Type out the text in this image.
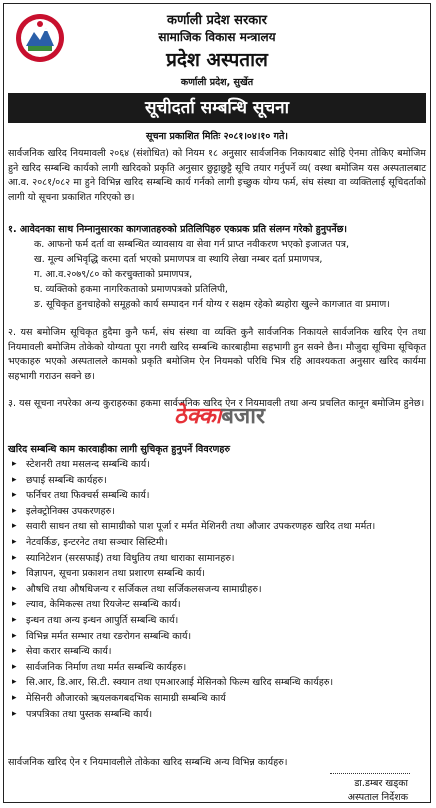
कर्णाली प्रदेश सरकार
सामाजिक विकास मन्त्रालय
प्रदेश अस्पताल
कर्णाली प्रदेश, सुर्खेत
सूचीदर्ता सम्बन्धि सूचना
सूचना प्रकाशित मितिः २०८१।०४।१० गते।
सार्वजनिक खरिद नियमावली २०६४ (संशोधित) को नियम १८ अनुसार सार्वजनिक निकायबाट सोहि ऐनमा तोकिए बमोजिम हुने खरिद सम्बन्धि कार्यको लागी खरिदको प्रकृति अनुसार छुट्टाछुट्टै सूचि तयार गर्नुपर्ने व्य( वस्था बमोजिम यस अस्पतालबाट आ.व. २०८१/०८२ मा हुने विभिन्न खरिद सम्बन्धि कार्य गर्नको लागी इच्छुक योग्य फर्म, संघ संस्था वा व्यक्तिलाई सूचिदर्ताको लागी यो सूचना प्रकाशित गरिएको छ।
१. आवेदनका साथ निम्नानुसारका कागजातहरुको प्रतिलिपिहरु एकप्रक प्रति संलग्न गरेको हुनुपर्नेछ।
क. आफनो फर्म दर्ता वा सम्बन्धित व्यावसाय वा सेवा गर्न प्राप्त नवीकरण भएको इजाजत पत्र,
ख. मूल्य अभिवृद्धि करमा दर्ता भएको प्रमाणपत्र वा स्थायि लेखा नम्बर दर्ता प्रमाणपत्र,
ग. आ.व.२०७९/८० को करचुक्ताको प्रमाणपत्र,
घ. व्यक्तिको हकमा नागरिकताको प्रमाणपत्रको प्रतिलिपी,
ङ. सूचिकृत हुनचाहेको समूहको कार्य सम्पादन गर्न योग्य र सक्षम रहेको ब्यहोरा खुल्ने कागजात वा प्रमाण।
२. यस बमोजिम सूचिकृत हुदैमा कुनै फर्म, संघ संस्था वा व्यक्ति कुनै सार्वजनिक निकायले सार्वजनिक खरिद ऐन तथा नियमावली बमोजिम तोकेको योग्यता पूरा नगरी खरिद सम्बन्धि कारबाहीमा सहभागी हुन सक्ने छैन। मौजुदा सूचिमा सूचिकृत भएकाहरु भएको अस्पतालले कामको प्रकृति बमोजिम ऐन नियमको परिधि भित्र रहि आवश्यकता अनुसार खरिद कार्यमा सहभागी गराउन सक्ने छ।
३. यस सूचना नपरेका अन्य कुराहरुका हकमा सार्वजनिक खरिद ऐन र नियमावली तथा अन्य प्रचलित कानून बमोजिम हुनेछ।
ठेक्काबजार
खरिद सम्बन्धि काम कारवाहीका लागी सुचिकृत हुनुपर्ने विवरणहरु
▸ स्टेशनरी तथा मसलन्द सम्बन्धि कार्य।
▸ छपाई सम्बन्धि कार्यहरु।
▸ फर्निचर तथा फिक्चर्स सम्बन्धि कार्य।
▸ इलेक्ट्रोनिक्स उपकरणहरु।
▸ सवारी साधन तथा सो सामाग्रीको पाश पूर्जा र मर्मत मेशिनरी तथा औजार उपकरणहरु खरिद तथा मर्मत।
▸ नेटवर्किङ, इन्टरनेट तथा सञ्चार सिस्टिमी।
▸ स्यानिटेशन (सरसफाई) तथा विधुतिय तथा धाराका सामानहरु।
▸ विज्ञापन, सूचना प्रकाशन तथा प्रशारण सम्बन्धि कार्य।
▸ औषधि तथा औषधिजन्य र सर्जिकल तथा सर्जिकलसजन्य सामाग्रीहरु।
▸ ल्याव, केमिकल्स तथा रियजेन्ट सम्बन्धि कार्य।
▸ इन्धन तथा अन्य इन्धन आपुर्ति सम्बन्धि कार्य।
▸ विभिन्न मर्मत सम्भार तथा रङरोगन सम्बन्धि कार्य।
▸ सेवा करार सम्बन्धि कार्य।
▸ सार्वजनिक निर्माण तथा मर्मत सम्बन्धि कार्यहरु।
▸ सि.आर, डि.आर, सि.टी. स्क्यान तथा एमआरआई मेसिनको फिल्म खरिद सम्बन्धि कार्यहरु।
▸ मेसिनरी औजारको ऋयलकगबदभिक सामाग्री सम्बन्धि कार्य
▸ पत्रपत्रिका तथा पुस्तक सम्बन्धि कार्य।
सार्वजनिक खरिद ऐन र नियमावलीले तोकेका खरिद सम्बन्धि अन्य विभिन्न कार्यहरु।
डा.डम्बर खड्का
अस्पताल निर्देशक
